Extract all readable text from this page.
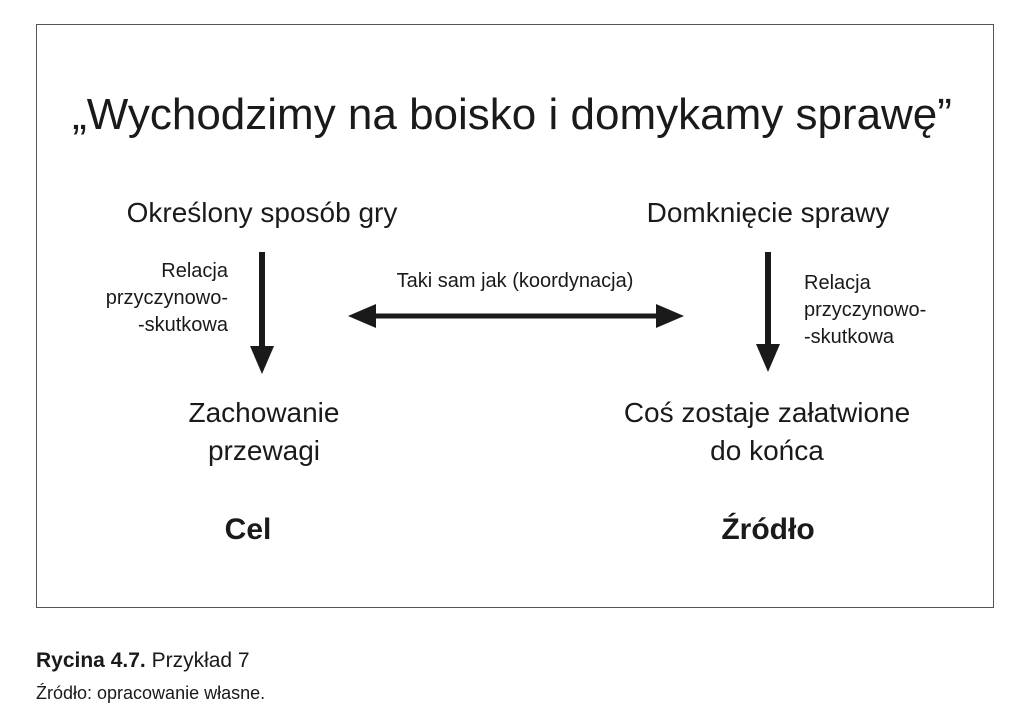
„Wychodzimy na boisko i domykamy sprawę”
Określony sposób gry
Relacja
przyczynowo-
-skutkowa
Zachowanie
przewagi
Cel
Taki sam jak (koordynacja)
Domknięcie sprawy
Relacja
przyczynowo-
-skutkowa
Coś zostaje załatwione
do końca
Źródło
Rycina 4.7. Przykład 7
Źródło: opracowanie własne.
